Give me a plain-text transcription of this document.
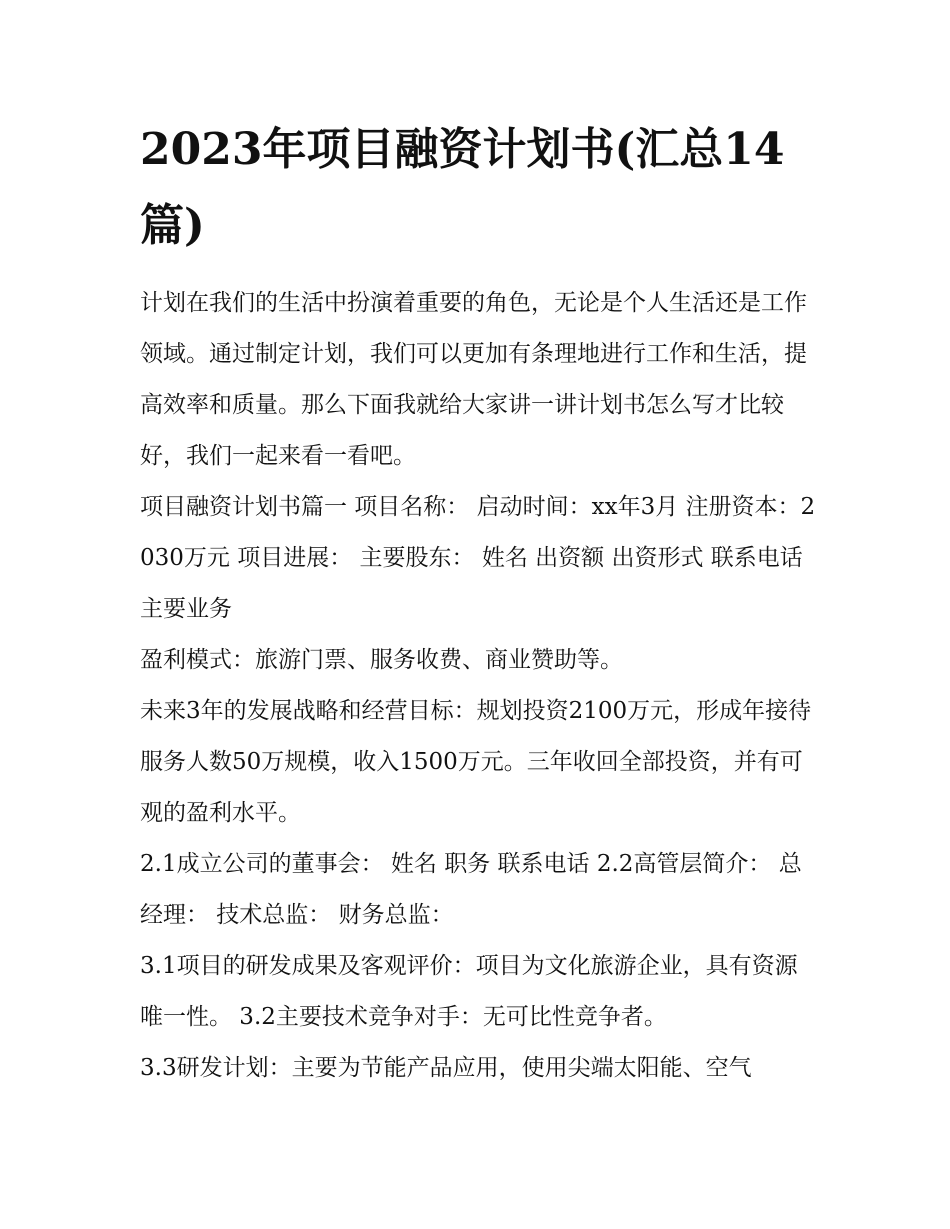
2023年项目融资计划书(汇总14篇)

计划在我们的生活中扮演着重要的角色，无论是个人生活还是工作领域。通过制定计划，我们可以更加有条理地进行工作和生活，提高效率和质量。那么下面我就给大家讲一讲计划书怎么写才比较好，我们一起来看一看吧。

项目融资计划书篇一 项目名称： 启动时间：xx年3月 注册资本：2030万元 项目进展： 主要股东： 姓名 出资额 出资形式 联系电话 主要业务

盈利模式：旅游门票、服务收费、商业赞助等。

未来3年的发展战略和经营目标：规划投资2100万元，形成年接待服务人数50万规模，收入1500万元。三年收回全部投资，并有可观的盈利水平。

2.1成立公司的董事会： 姓名 职务 联系电话 2.2高管层简介： 总经理： 技术总监： 财务总监：

3.1项目的研发成果及客观评价：项目为文化旅游企业，具有资源唯一性。 3.2主要技术竞争对手：无可比性竞争者。

3.3研发计划：主要为节能产品应用，使用尖端太阳能、空气
